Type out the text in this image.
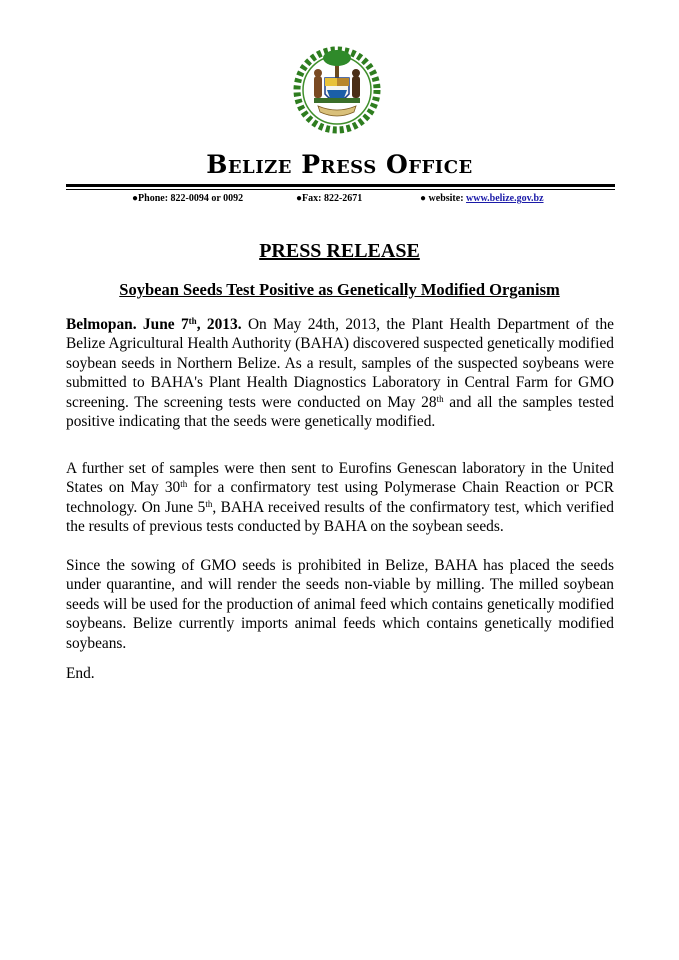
Belize Press Office
●Phone: 822-0094 or 0092	●Fax: 822-2671	● website: www.belize.gov.bz
PRESS RELEASE
Soybean Seeds Test Positive as Genetically Modified Organism

Belmopan. June 7th, 2013. On May 24th, 2013, the Plant Health Department of the Belize Agricultural Health Authority (BAHA) discovered suspected genetically modified soybean seeds in Northern Belize. As a result, samples of the suspected soybeans were submitted to BAHA's Plant Health Diagnostics Laboratory in Central Farm for GMO screening. The screening tests were conducted on May 28th and all the samples tested positive indicating that the seeds were genetically modified.

A further set of samples were then sent to Eurofins Genescan laboratory in the United States on May 30th for a confirmatory test using Polymerase Chain Reaction or PCR technology. On June 5th, BAHA received results of the confirmatory test, which verified the results of previous tests conducted by BAHA on the soybean seeds.

Since the sowing of GMO seeds is prohibited in Belize, BAHA has placed the seeds under quarantine, and will render the seeds non-viable by milling. The milled soybean seeds will be used for the production of animal feed which contains genetically modified soybeans. Belize currently imports animal feeds which contains genetically modified soybeans.

End.
